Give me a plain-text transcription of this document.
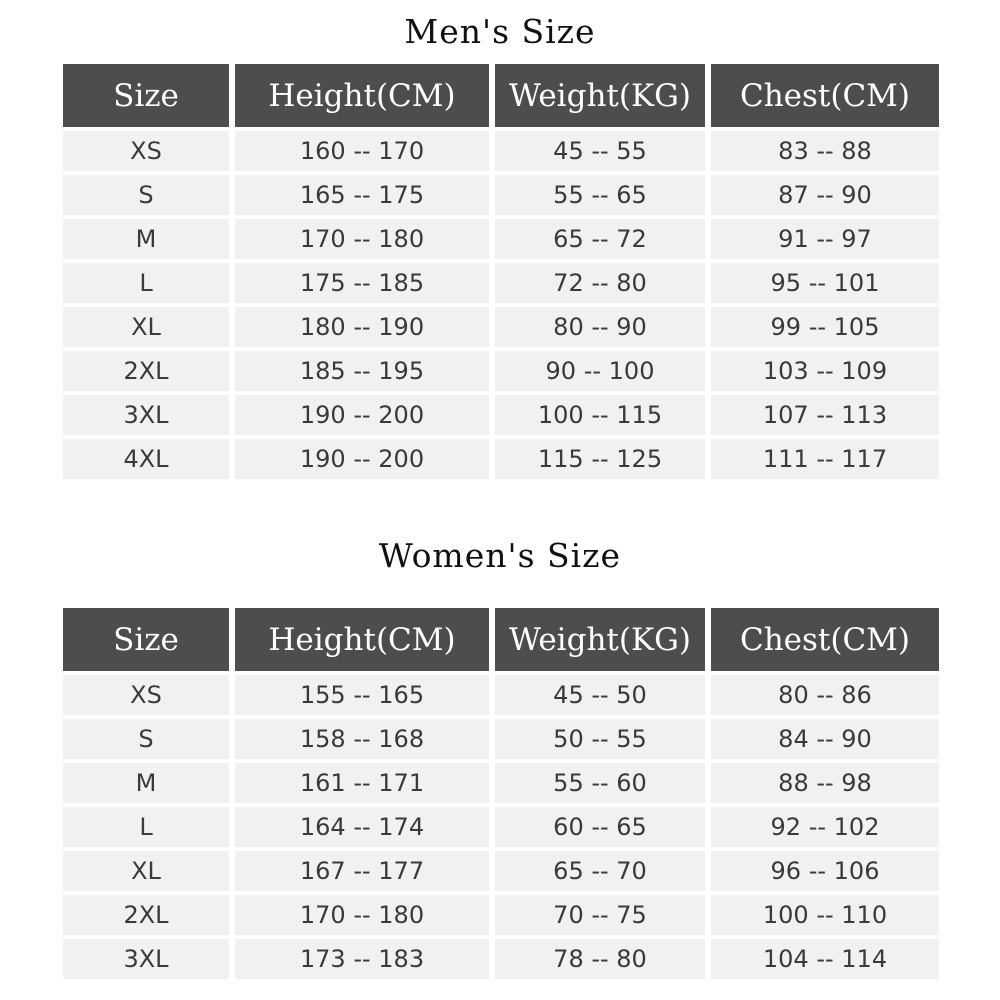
Men's Size
Size	Height(CM)	Weight(KG)	Chest(CM)
XS	160 -- 170	45 -- 55	83 -- 88
S	165 -- 175	55 -- 65	87 -- 90
M	170 -- 180	65 -- 72	91 -- 97
L	175 -- 185	72 -- 80	95 -- 101
XL	180 -- 190	80 -- 90	99 -- 105
2XL	185 -- 195	90 -- 100	103 -- 109
3XL	190 -- 200	100 -- 115	107 -- 113
4XL	190 -- 200	115 -- 125	111 -- 117
Women's Size
Size	Height(CM)	Weight(KG)	Chest(CM)
XS	155 -- 165	45 -- 50	80 -- 86
S	158 -- 168	50 -- 55	84 -- 90
M	161 -- 171	55 -- 60	88 -- 98
L	164 -- 174	60 -- 65	92 -- 102
XL	167 -- 177	65 -- 70	96 -- 106
2XL	170 -- 180	70 -- 75	100 -- 110
3XL	173 -- 183	78 -- 80	104 -- 114
